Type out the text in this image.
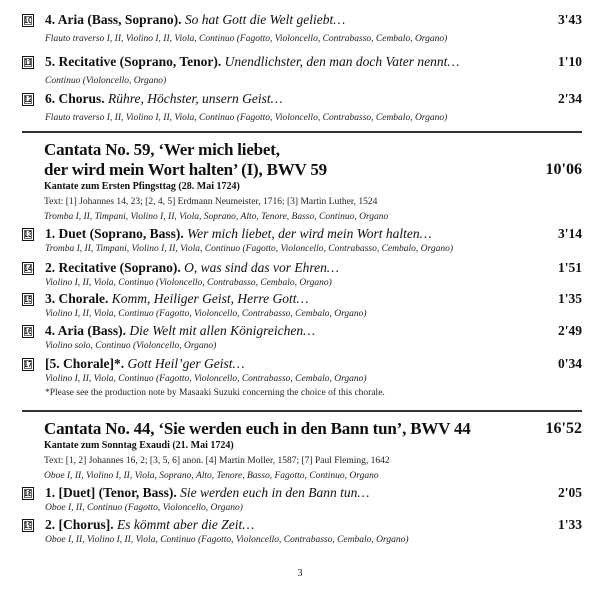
10 4. Aria (Bass, Soprano). So hat Gott die Welt geliebt…	3'43
Flauto traverso I, II, Violino I, II, Viola, Continuo (Fagotto, Violoncello, Contrabasso, Cembalo, Organo)
11 5. Recitative (Soprano, Tenor). Unendlichster, den man doch Vater nennt…	1'10
Continuo (Violoncello, Organo)
12 6. Chorus. Rühre, Höchster, unsern Geist…	2'34
Flauto traverso I, II, Violino I, II, Viola, Continuo (Fagotto, Violoncello, Contrabasso, Cembalo, Organo)
Cantata No. 59, ‘Wer mich liebet,
der wird mein Wort halten’ (I), BWV 59	10'06
Kantate zum Ersten Pfingsttag (28. Mai 1724)
Text: [1] Johannes 14, 23; [2, 4, 5] Erdmann Neumeister, 1716; [3] Martin Luther, 1524
Tromba I, II, Timpani, Violino I, II, Viola, Soprano, Alto, Tenore, Basso, Continuo, Organo
13 1. Duet (Soprano, Bass). Wer mich liebet, der wird mein Wort halten…	3'14
Tromba I, II, Timpani, Violino I, II, Viola, Continuo (Fagotto, Violoncello, Contrabasso, Cembalo, Organo)
14 2. Recitative (Soprano). O, was sind das vor Ehren…	1'51
Violino I, II, Viola, Continuo (Violoncello, Contrabasso, Cembalo, Organo)
15 3. Chorale. Komm, Heiliger Geist, Herre Gott…	1'35
Violino I, II, Viola, Continuo (Fagotto, Violoncello, Contrabasso, Cembalo, Organo)
16 4. Aria (Bass). Die Welt mit allen Königreichen…	2'49
Violino solo, Continuo (Violoncello, Organo)
17 [5. Chorale]*. Gott Heil’ger Geist…	0'34
Violino I, II, Viola, Continuo (Fagotto, Violoncello, Contrabasso, Cembalo, Organo)
*Please see the production note by Masaaki Suzuki concerning the choice of this chorale.
Cantata No. 44, ‘Sie werden euch in den Bann tun’, BWV 44	16'52
Kantate zum Sonntag Exaudi (21. Mai 1724)
Text: [1, 2] Johannes 16, 2; [3, 5, 6] anon. [4] Martin Moller, 1587; [7] Paul Fleming, 1642
Oboe I, II, Violino I, II, Viola, Soprano, Alto, Tenore, Basso, Fagotto, Continuo, Organo
18 1. [Duet] (Tenor, Bass). Sie werden euch in den Bann tun…	2'05
Oboe I, II, Continuo (Fagotto, Violoncello, Organo)
19 2. [Chorus]. Es kömmt aber die Zeit…	1'33
Oboe I, II, Violino I, II, Viola, Continuo (Fagotto, Violoncello, Contrabasso, Cembalo, Organo)
3
